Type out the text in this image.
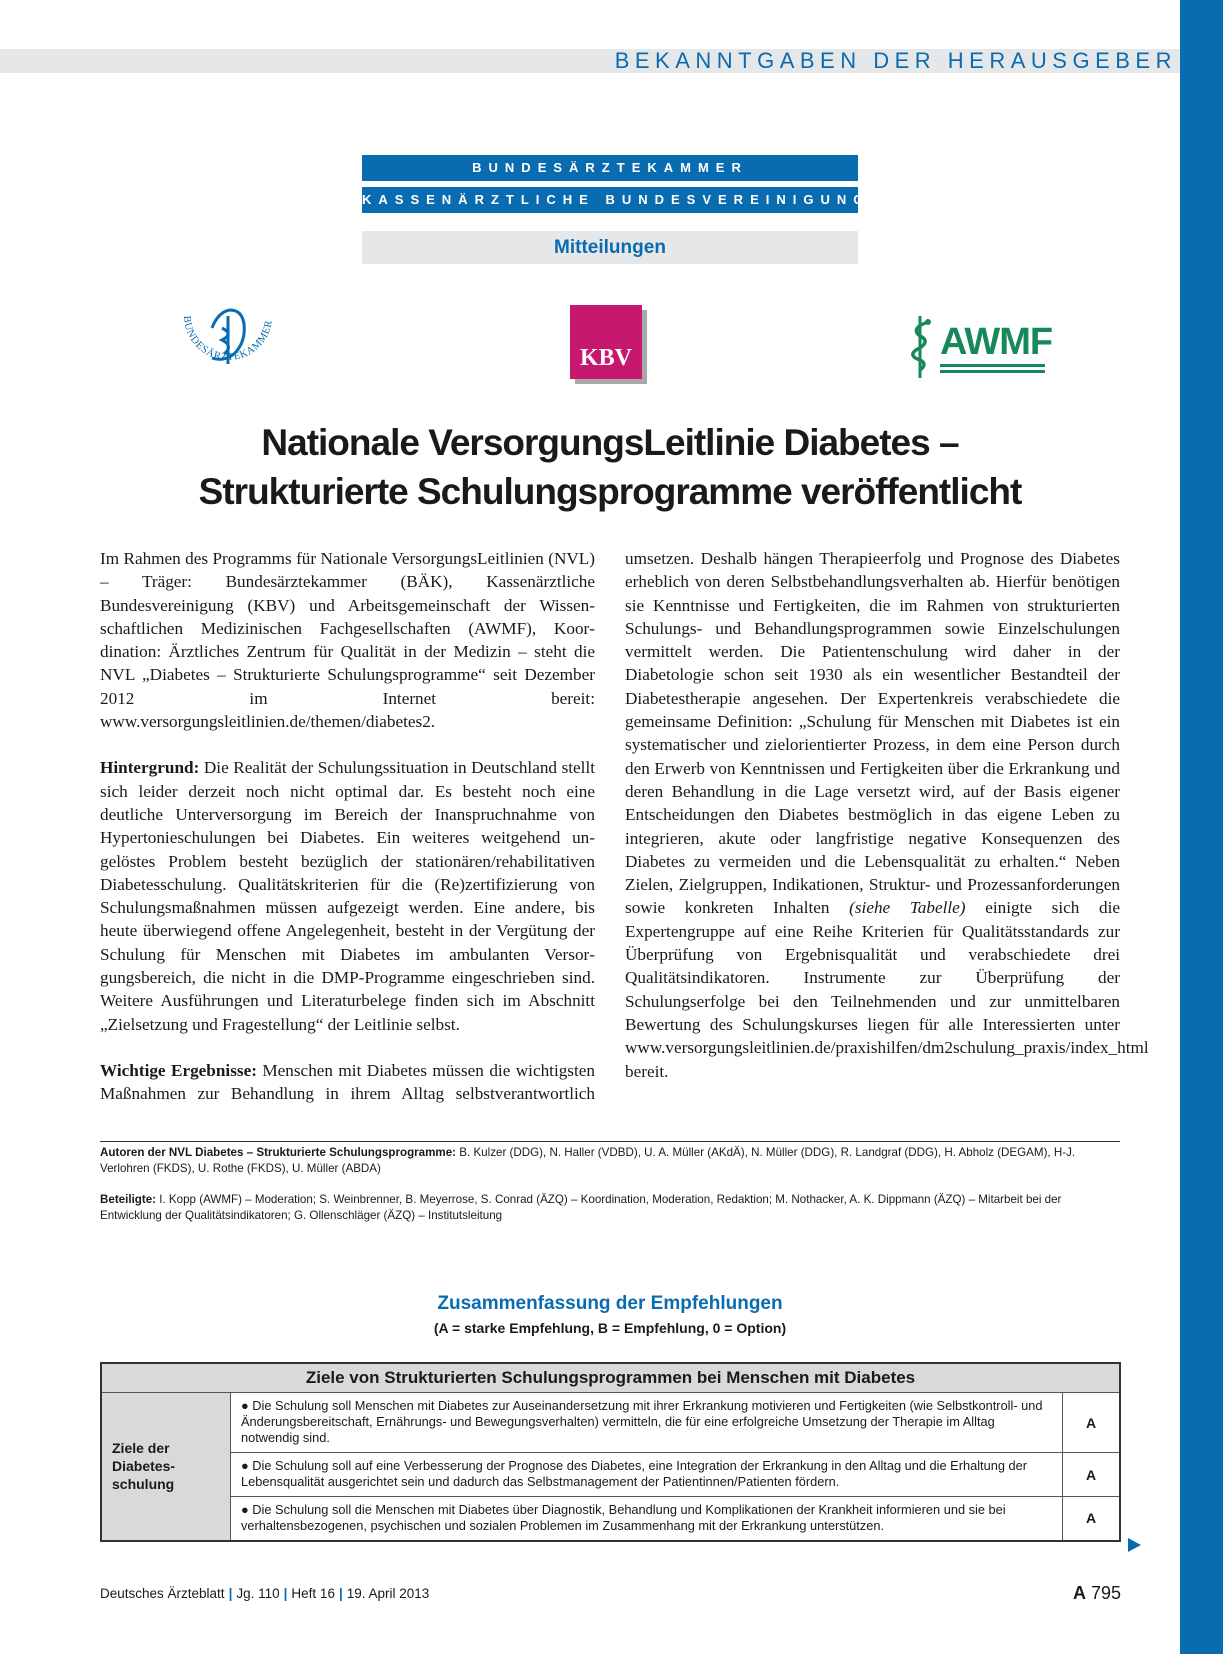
BEKANNTGABEN DER HERAUSGEBER
BUNDESÄRZTEKAMMER
KASSENÄRZTLICHE BUNDESVEREINIGUNG
Mitteilungen
BUNDESÄRZTEKAMMER
KBV	AWMF
Nationale VersorgungsLeitlinie Diabetes –
Strukturierte Schulungsprogramme veröffentlicht

Im Rahmen des Programms für Nationale VersorgungsLeitlinien (NVL) – Träger: Bundesärztekammer (BÄK), Kassenärztliche Bundesvereinigung (KBV) und Arbeitsgemeinschaft der Wissenschaftlichen Medizinischen Fachgesellschaften (AWMF), Koordination: Ärztliches Zentrum für Qualität in der Medizin – steht die NVL „Diabetes – Strukturierte Schulungsprogramme“ seit Dezember 2012 im Internet bereit: www.versorgungsleitlinien.de/themen/diabetes2.

Hintergrund: Die Realität der Schulungssituation in Deutschland stellt sich leider derzeit noch nicht optimal dar. Es besteht noch eine deutliche Unterversorgung im Bereich der Inanspruchnahme von Hypertonieschulungen bei Diabetes. Ein weiteres weitgehend ungelöstes Problem besteht bezüglich der stationären/rehabilitativen Diabetesschulung. Qualitätskriterien für die (Re)zertifizierung von Schulungsmaßnahmen müssen aufgezeigt werden. Eine andere, bis heute überwiegend offene Angelegenheit, besteht in der Vergütung der Schulung für Menschen mit Diabetes im ambulanten Versorgungsbereich, die nicht in die DMP-Programme eingeschrieben sind. Weitere Ausführungen und Literaturbelege finden sich im Abschnitt „Zielsetzung und Fragestellung“ der Leitlinie selbst.

Wichtige Ergebnisse: Menschen mit Diabetes müssen die wichtigsten Maßnahmen zur Behandlung in ihrem Alltag selbstverantwortlich umsetzen. Deshalb hängen Therapieerfolg und Prognose des Diabetes erheblich von deren Selbstbehandlungsverhalten ab. Hierfür benötigen sie Kenntnisse und Fertigkeiten, die im Rahmen von strukturierten Schulungs- und Behandlungsprogrammen sowie Einzelschulungen vermittelt werden. Die Patientenschulung wird daher in der Diabetologie schon seit 1930 als ein wesentlicher Bestandteil der Diabetestherapie angesehen. Der Expertenkreis verabschiedete die gemeinsame Definition: „Schulung für Menschen mit Diabetes ist ein systematischer und zielorientierter Prozess, in dem eine Person durch den Erwerb von Kenntnissen und Fertigkeiten über die Erkrankung und deren Behandlung in die Lage versetzt wird, auf der Basis eigener Entscheidungen den Diabetes bestmöglich in das eigene Leben zu integrieren, akute oder langfristige negative Konsequenzen des Diabetes zu vermeiden und die Lebensqualität zu erhalten.“ Neben Zielen, Zielgruppen, Indikationen, Struktur- und Prozessanforderungen sowie konkreten Inhalten (siehe Tabelle) einigte sich die Expertengruppe auf eine Reihe Kriterien für Qualitätsstandards zur Überprüfung von Ergebnisqualität und verabschiedete drei Qualitätsindikatoren. Instrumente zur Überprüfung der Schulungserfolge bei den Teilnehmenden und zur unmittelbaren Bewertung des Schulungskurses liegen für alle Interessierten unter www.versorgungsleitlinien.de/praxishilfen/dm2schulung_praxis/index_html bereit.

Autoren der NVL Diabetes – Strukturierte Schulungsprogramme: B. Kulzer (DDG), N. Haller (VDBD), U. A. Müller (AKdÄ), N. Müller (DDG), R. Landgraf (DDG), H. Abholz (DEGAM), H-J. Verlohren (FKDS), U. Rothe (FKDS), U. Müller (ABDA)
Beteiligte: I. Kopp (AWMF) – Moderation; S. Weinbrenner, B. Meyerrose, S. Conrad (ÄZQ) – Koordination, Moderation, Redaktion; M. Nothacker, A. K. Dippmann (ÄZQ) – Mitarbeit bei der Entwicklung der Qualitätsindikatoren; G. Ollenschläger (ÄZQ) – Institutsleitung
Zusammenfassung der Empfehlungen
(A = starke Empfehlung, B = Empfehlung, 0 = Option)
Ziele von Strukturierten Schulungsprogrammen bei Menschen mit Diabetes		
Ziele der Diabetesschulung	● Die Schulung soll Menschen mit Diabetes zur Auseinandersetzung mit ihrer Erkrankung motivieren und Fertigkeiten (wie Selbstkontroll- und Änderungsbereitschaft, Ernährungs- und Bewegungsverhalten) vermitteln, die für eine erfolgreiche Umsetzung der Therapie im Alltag notwendig sind.	A
	● Die Schulung soll auf eine Verbesserung der Prognose des Diabetes, eine Integration der Erkrankung in den Alltag und die Erhaltung der Lebensqualität ausgerichtet sein und dadurch das Selbstmanagement der Patientinnen/Patienten fördern.	A
	● Die Schulung soll die Menschen mit Diabetes über Diagnostik, Behandlung und Komplikationen der Krankheit informieren und sie bei verhaltensbezogenen, psychischen und sozialen Problemen im Zusammenhang mit der Erkrankung unterstützen.	A
Deutsches Ärzteblatt | Jg. 110 | Heft 16 | 19. April 2013	A 795
